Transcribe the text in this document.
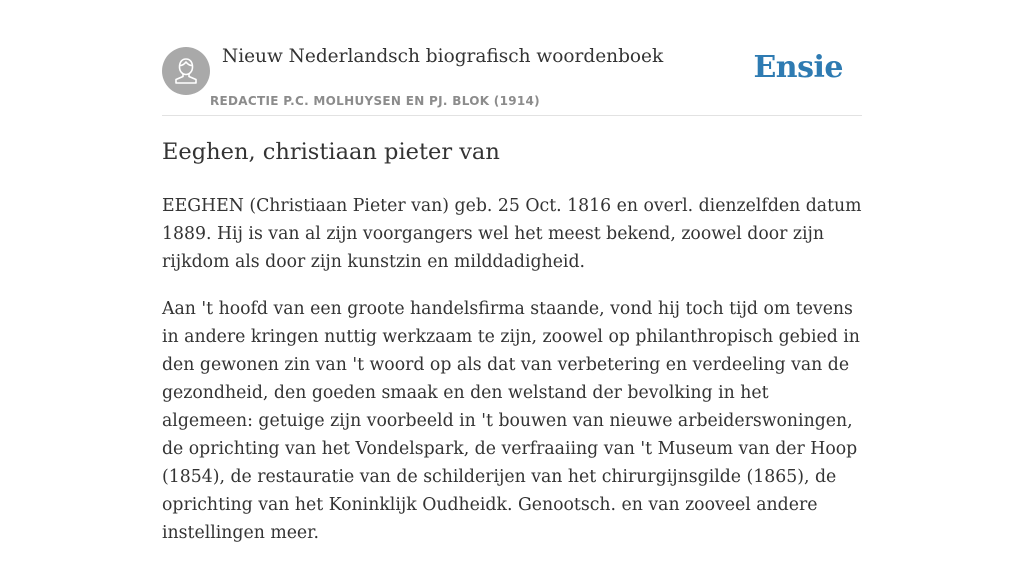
Nieuw Nederlandsch biografisch woordenboek
REDACTIE P.C. MOLHUYSEN EN PJ. BLOK (1914)
Ensie
Eeghen, christiaan pieter van

EEGHEN (Christiaan Pieter van) geb. 25 Oct. 1816 en overl. dienzelfden datum 1889. Hij is van al zijn voorgangers wel het meest bekend, zoowel door zijn rijkdom als door zijn kunstzin en milddadigheid.

Aan 't hoofd van een groote handelsfirma staande, vond hij toch tijd om tevens in andere kringen nuttig werkzaam te zijn, zoowel op philanthropisch gebied in den gewonen zin van 't woord op als dat van verbetering en verdeeling van de gezondheid, den goeden smaak en den welstand der bevolking in het algemeen: getuige zijn voorbeeld in 't bouwen van nieuwe arbeiderswoningen, de oprichting van het Vondelspark, de verfraaiing van 't Museum van der Hoop (1854), de restauratie van de schilderijen van het chirurgijnsgilde (1865), de oprichting van het Koninklijk Oudheidk. Genootsch. en van zooveel andere instellingen meer.
